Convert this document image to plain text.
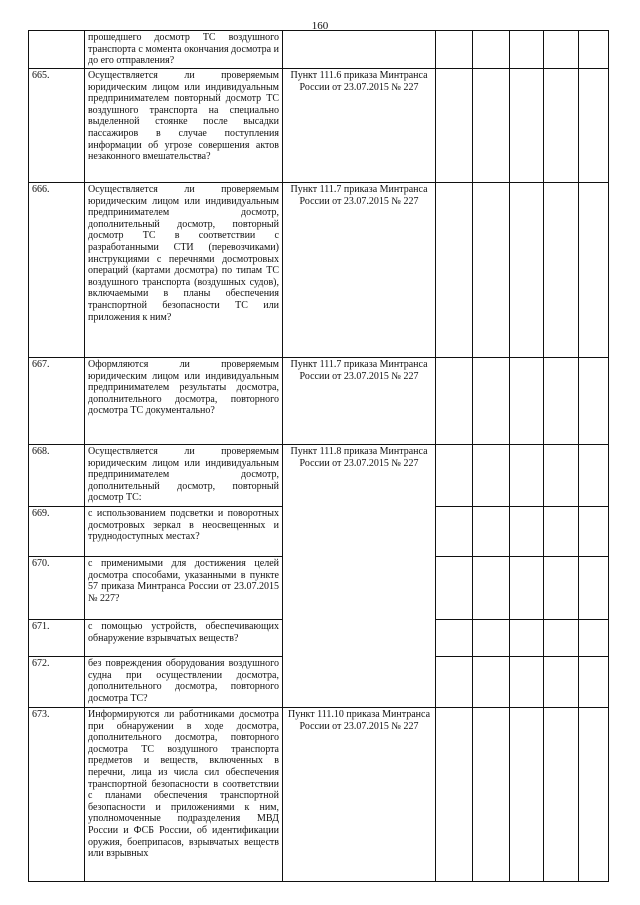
160
	прошедшего досмотр ТС воздушного транспорта с момента окончания досмотра и до его отправления?						
665.	Осуществляется ли проверяемым юридическим лицом или индивидуальным предпринимателем повторный досмотр ТС воздушного транспорта на специально выделенной стоянке после высадки пассажиров в случае поступления информации об угрозе совершения актов незаконного вмешательства?	Пункт 111.6 приказа Минтранса России от 23.07.2015 № 227					
666.	Осуществляется ли проверяемым юридическим лицом или индивидуальным предпринимателем досмотр, дополнительный досмотр, повторный досмотр ТС в соответствии с разработанными СТИ (перевозчиками) инструкциями с перечнями досмотровых операций (картами досмотра) по типам ТС воздушного транспорта (воздушных судов), включаемыми в планы обеспечения транспортной безопасности ТС или приложения к ним?	Пункт 111.7 приказа Минтранса России от 23.07.2015 № 227					
667.	Оформляются ли проверяемым юридическим лицом или индивидуальным предпринимателем результаты досмотра, дополнительного досмотра, повторного досмотра ТС документально?	Пункт 111.7 приказа Минтранса России от 23.07.2015 № 227					
668.	Осуществляется ли проверяемым юридическим лицом или индивидуальным предпринимателем досмотр, дополнительный досмотр, повторный досмотр ТС:	Пункт 111.8 приказа Минтранса России от 23.07.2015 № 227					
669.	с использованием подсветки и поворотных досмотровых зеркал в неосвещенных и труднодоступных местах?						
670.	с применимыми для достижения целей досмотра способами, указанными в пункте 57 приказа Минтранса России от 23.07.2015 № 227?						
671.	с помощью устройств, обеспечивающих обнаружение взрывчатых веществ?						
672.	без повреждения оборудования воздушного судна при осуществлении досмотра, дополнительного досмотра, повторного досмотра ТС?						
673.	Информируются ли работниками досмотра при обнаружении в ходе досмотра, дополнительного досмотра, повторного досмотра ТС воздушного транспорта предметов и веществ, включенных в перечни, лица из числа сил обеспечения транспортной безопасности в соответствии с планами обеспечения транспортной безопасности и приложениями к ним, уполномоченные подразделения МВД России и ФСБ России, об идентификации оружия, боеприпасов, взрывчатых веществ или взрывных	Пункт 111.10 приказа Минтранса России от 23.07.2015 № 227					
